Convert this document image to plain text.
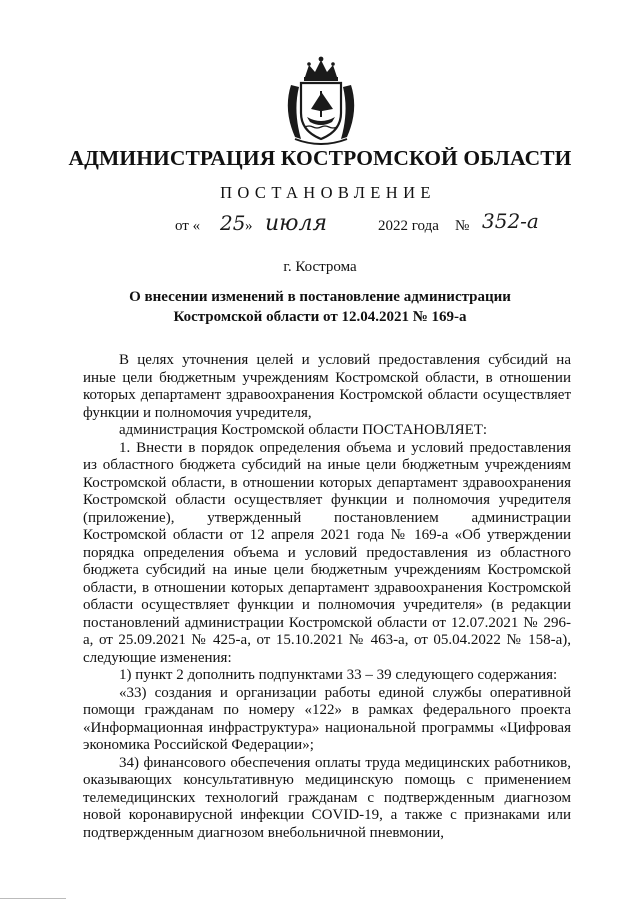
АДМИНИСТРАЦИЯ КОСТРОМСКОЙ ОБЛАСТИ
ПОСТАНОВЛЕНИЕ
от « 25 » июля	2022 года № 352-а
г. Кострома
О внесении изменений в постановление администрации
Костромской области от 12.04.2021 № 169-а

В целях уточнения целей и условий предоставления субсидий на иные цели бюджетным учреждениям Костромской области, в отношении которых департамент здравоохранения Костромской области осуществляет функции и полномочия учредителя,

администрация Костромской области ПОСТАНОВЛЯЕТ:

1. Внести в порядок определения объема и условий предоставления из областного бюджета субсидий на иные цели бюджетным учреждениям Костромской области, в отношении которых департамент здравоохранения Костромской области осуществляет функции и полномочия учредителя (приложение), утвержденный постановлением администрации Костромской области от 12 апреля 2021 года № 169-а «Об утверждении порядка определения объема и условий предоставления из областного бюджета субсидий на иные цели бюджетным учреждениям Костромской области, в отношении которых департамент здравоохранения Костромской области осуществляет функции и полномочия учредителя» (в редакции постановлений администрации Костромской области от 12.07.2021 № 296-а, от 25.09.2021 № 425-а, от 15.10.2021 № 463-а, от 05.04.2022 № 158-а), следующие изменения:

1) пункт 2 дополнить подпунктами 33 – 39 следующего содержания:

«33) создания и организации работы единой службы оперативной помощи гражданам по номеру «122» в рамках федерального проекта «Информационная инфраструктура» национальной программы «Цифровая экономика Российской Федерации»;

34) финансового обеспечения оплаты труда медицинских работников, оказывающих консультативную медицинскую помощь с применением телемедицинских технологий гражданам с подтвержденным диагнозом новой коронавирусной инфекции COVID-19, а также с признаками или подтвержденным диагнозом внебольничной пневмонии,
